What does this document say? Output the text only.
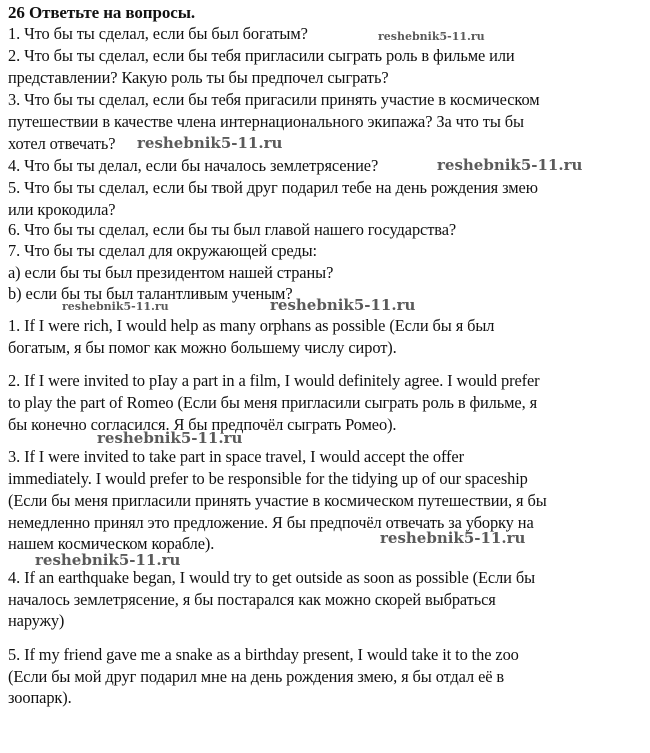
26 Ответьте на вопросы.
1. Что бы ты сделал, если бы был богатым?
2. Что бы ты сделал, если бы тебя пригласили сыграть роль в фильме или
представлении? Какую роль ты бы предпочел сыграть?
3. Что бы ты сделал, если бы тебя пригасили принять участие в космическом
путешествии в качестве члена интернационального экипажа? За что ты бы
хотел отвечать?
4. Что бы ты делал, если бы началось землетрясение?
5. Что бы ты сделал, если бы твой друг подарил тебе на день рождения змею
или крокодила?
6. Что бы ты сделал, если бы ты был главой нашего государства?
7. Что бы ты сделал для окружающей среды:
a) если бы ты был президентом нашей страны?
b) если бы ты был талантливым ученым?
1. If I were rich, I would help as many orphans as possible (Если бы я был
богатым, я бы помог как можно большему числу сирот).
2. If I were invited to pIay a part in a film, I would definitely agree. I would prefer
to play the part of Romeo (Если бы меня пригласили сыграть роль в фильме, я
бы конечно согласился. Я бы предпочёл сыграть Ромео).
3. If I were invited to take part in space travel, I would accept the offer
immediately. I would prefer to be responsible for the tidying up of our spaceship
(Если бы меня пригласили принять участие в космическом путешествии, я бы
немедленно принял это предложение. Я бы предпочёл отвечать за уборку на
нашем космическом корабле).
4. If an earthquake began, I would try to get outside as soon as possible (Если бы
началось землетрясение, я бы постарался как можно скорей выбраться
наружу)
5. If my friend gave me a snake as a birthday present, I would take it to the zoo
(Если бы мой друг подарил мне на день рождения змею, я бы отдал её в
зоопарк).
reshebnik5-11.ru
reshebnik5-11.ru
reshebnik5-11.ru
reshebnik5-11.ru	reshebnik5-11.ru
reshebnik5-11.ru
reshebnik5-11.ru
reshebnik5-11.ru
